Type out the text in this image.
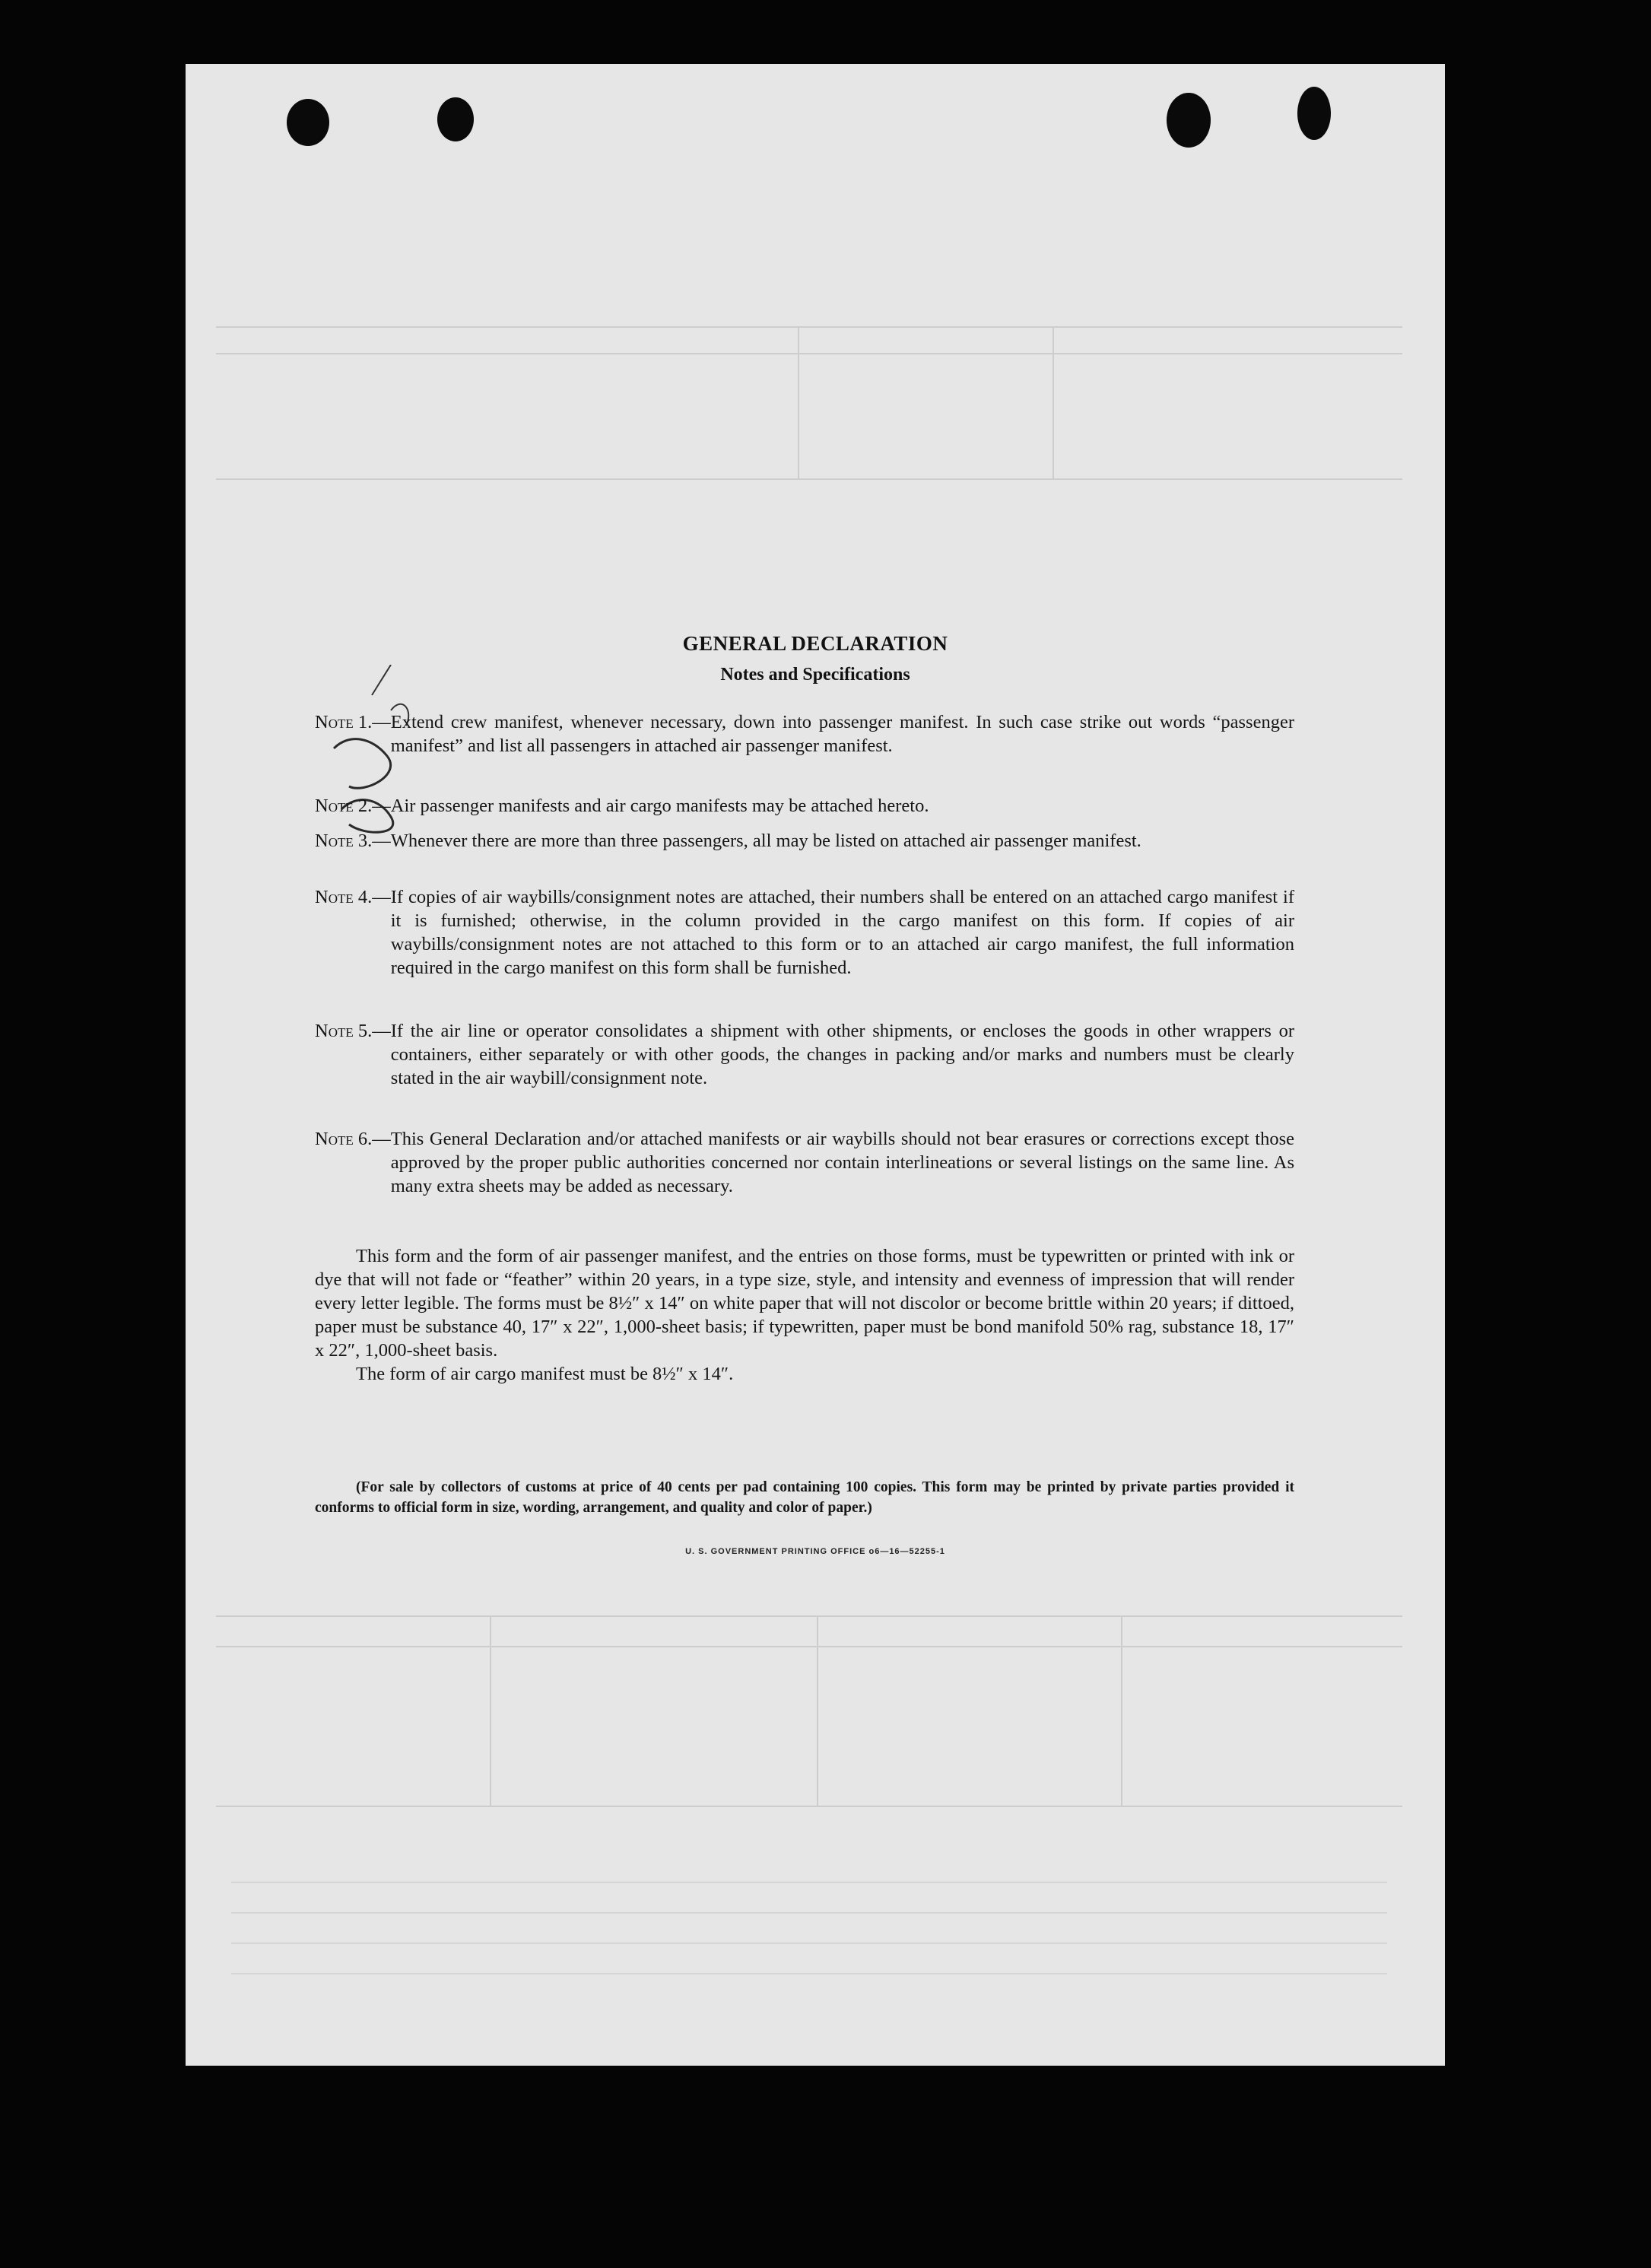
GENERAL DECLARATION
Notes and Specifications
Note 1.— Extend crew manifest, whenever necessary, down into passenger manifest. In such case strike out words “passenger manifest” and list all passengers in attached air passenger manifest.
Note 2.— Air passenger manifests and air cargo manifests may be attached hereto.
Note 3.— Whenever there are more than three passengers, all may be listed on attached air passenger manifest.
Note 4.— If copies of air waybills/consignment notes are attached, their numbers shall be entered on an attached cargo manifest if it is furnished; otherwise, in the column provided in the cargo manifest on this form. If copies of air waybills/consignment notes are not attached to this form or to an attached air cargo manifest, the full information required in the cargo manifest on this form shall be furnished.
Note 5.— If the air line or operator consolidates a shipment with other shipments, or encloses the goods in other wrappers or containers, either separately or with other goods, the changes in packing and/or marks and numbers must be clearly stated in the air waybill/consignment note.
Note 6.— This General Declaration and/or attached manifests or air waybills should not bear erasures or corrections except those approved by the proper public authorities concerned nor contain interlineations or several listings on the same line. As many extra sheets may be added as necessary.

This form and the form of air passenger manifest, and the entries on those forms, must be typewritten or printed with ink or dye that will not fade or “feather” within 20 years, in a type size, style, and intensity and evenness of impression that will render every letter legible. The forms must be 8½″ x 14″ on white paper that will not discolor or become brittle within 20 years; if dittoed, paper must be substance 40, 17″ x 22″, 1,000-sheet basis; if typewritten, paper must be bond manifold 50% rag, substance 18, 17″ x 22″, 1,000-sheet basis.

The form of air cargo manifest must be 8½″ x 14″.

(For sale by collectors of customs at price of 40 cents per pad containing 100 copies. This form may be printed by private parties provided it conforms to official form in size, wording, arrangement, and quality and color of paper.)

U. S. GOVERNMENT PRINTING OFFICE o6—16—52255-1
